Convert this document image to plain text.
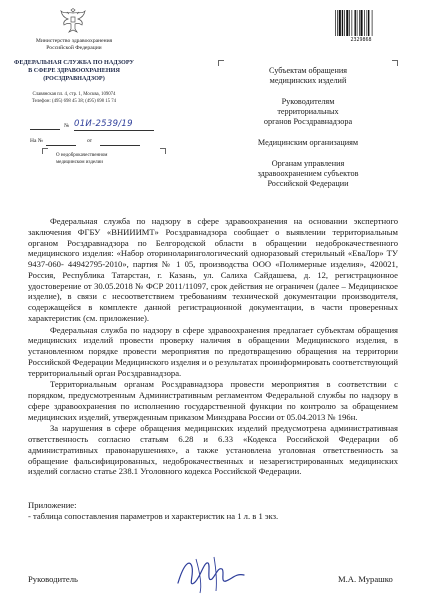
Министерство здравоохранения
Российской Федерации
ФЕДЕРАЛЬНАЯ СЛУЖБА ПО НАДЗОРУ
В СФЕРЕ ЗДРАВООХРАНЕНИЯ
(РОСЗДРАВНАДЗОР)
Славянская пл. 4, стр. 1, Москва, 109074
Телефон: (495) 698 45 38; (495) 698 15 74
№ 01И-2539/19
На №	от
О недоброкачественном
медицинском изделии
2329868
Субъектам обращения
медицинских изделий
Руководителям
территориальных
органов Росздравнадзора
Медицинским организациям
Органам управления
здравоохранением субъектов
Российской Федерации

Федеральная служба по надзору в сфере здравоохранения на основании экспертного заключения ФГБУ «ВНИИИМТ» Росздравнадзора сообщает о выявлении территориальным органом Росздравнадзора по Белгородской области в обращении недоброкачественного медицинского изделия: «Набор оториноларингологический одноразовый стерильный «ЕваЛор» ТУ 9437-060- 44942795-2010», партия № 1 05, производства ООО «Полимерные изделия», 420021, Россия, Республика Татарстан, г. Казань, ул. Салиха Сайдашева, д. 12, регистрационное удостоверение от 30.05.2018 № ФСР 2011/11097, срок действия не ограничен (далее – Медицинское изделие), в связи с несоответствием требованиям технической документации производителя, содержащейся в комплекте данной регистрационной документации, в части проверенных характеристик (см. приложение).

Федеральная служба по надзору в сфере здравоохранения предлагает субъектам обращения медицинских изделий провести проверку наличия в обращении Медицинского изделия, в установленном порядке провести мероприятия по предотвращению обращения на территории Российской Федерации Медицинского изделия и о результатах проинформировать соответствующий территориальный орган Росздравнадзора.

Территориальным органам Росздравнадзора провести мероприятия в соответствии с порядком, предусмотренным Административным регламентом Федеральной службы по надзору в сфере здравоохранения по исполнению государственной функции по контролю за обращением медицинских изделий, утвержденным приказом Минздрава России от 05.04.2013 № 196н.

За нарушения в сфере обращения медицинских изделий предусмотрена административная ответственность согласно статьям 6.28 и 6.33 «Кодекса Российской Федерации об административных правонарушениях», а также установлена уголовная ответственность за обращение фальсифицированных, недоброкачественных и незарегистрированных медицинских изделий согласно статье 238.1 Уголовного кодекса Российской Федерации.

Приложение:
- таблица сопоставления параметров и характеристик на 1 л. в 1 экз.
Руководитель	М.А. Мурашко
